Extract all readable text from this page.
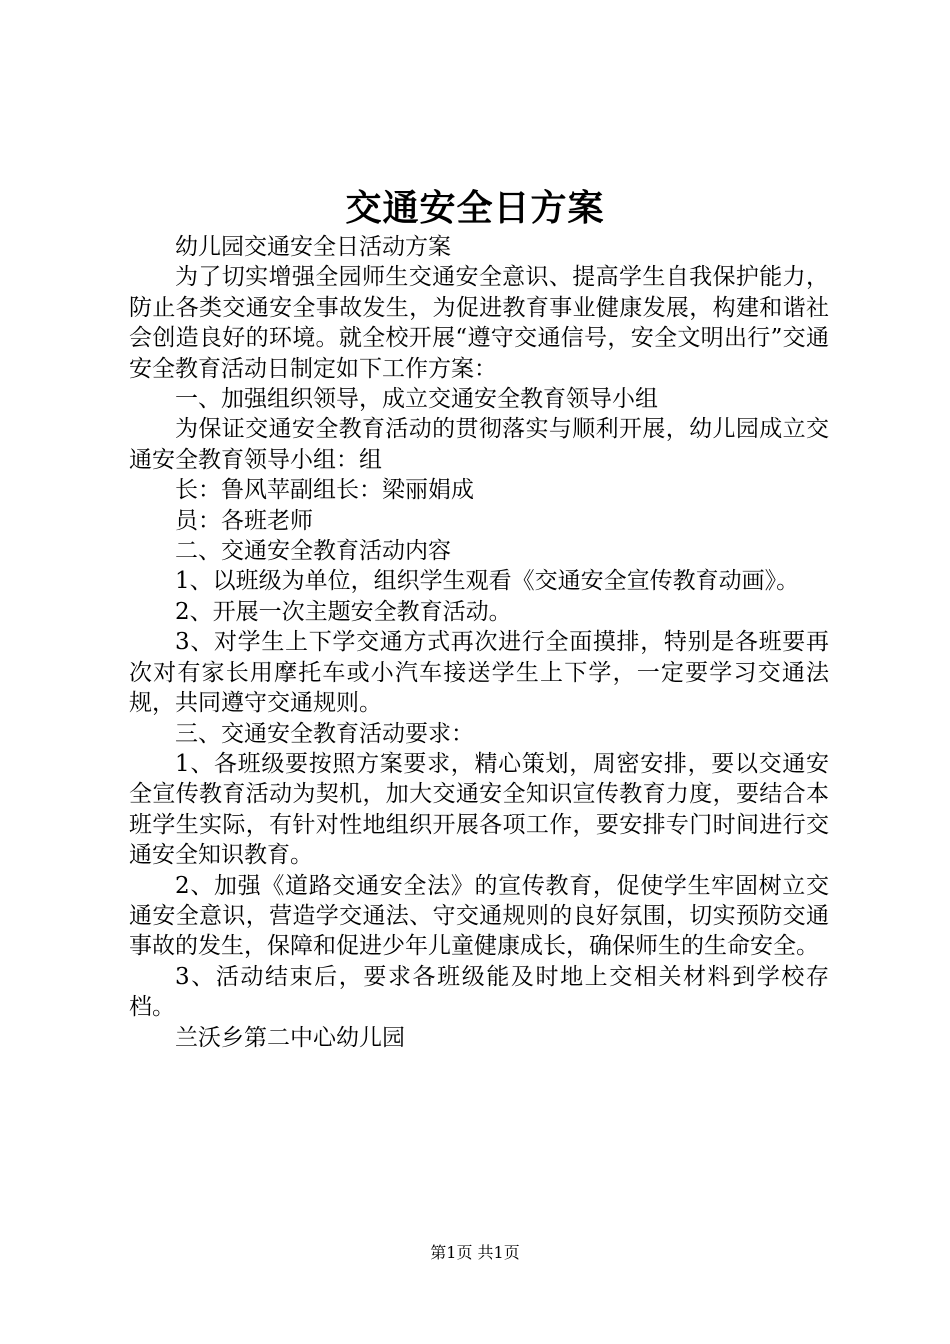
交通安全日方案

幼儿园交通安全日活动方案

为了切实增强全园师生交通安全意识、提高学生自我保护能力，防止各类交通安全事故发生，为促进教育事业健康发展，构建和谐社会创造良好的环境。就全校开展“遵守交通信号，安全文明出行”交通安全教育活动日制定如下工作方案：

一、加强组织领导，成立交通安全教育领导小组

为保证交通安全教育活动的贯彻落实与顺利开展，幼儿园成立交通安全教育领导小组：组

长：鲁风苹副组长：梁丽娟成

员：各班老师

二、交通安全教育活动内容

1、以班级为单位，组织学生观看《交通安全宣传教育动画》。

2、开展一次主题安全教育活动。

3、对学生上下学交通方式再次进行全面摸排，特别是各班要再次对有家长用摩托车或小汽车接送学生上下学，一定要学习交通法规，共同遵守交通规则。

三、交通安全教育活动要求：

1、各班级要按照方案要求，精心策划，周密安排，要以交通安全宣传教育活动为契机，加大交通安全知识宣传教育力度，要结合本班学生实际，有针对性地组织开展各项工作，要安排专门时间进行交通安全知识教育。

2、加强《道路交通安全法》的宣传教育，促使学生牢固树立交通安全意识，营造学交通法、守交通规则的良好氛围，切实预防交通事故的发生，保障和促进少年儿童健康成长，确保师生的生命安全。

3、活动结束后，要求各班级能及时地上交相关材料到学校存档。

兰沃乡第二中心幼儿园

第1页 共1页
